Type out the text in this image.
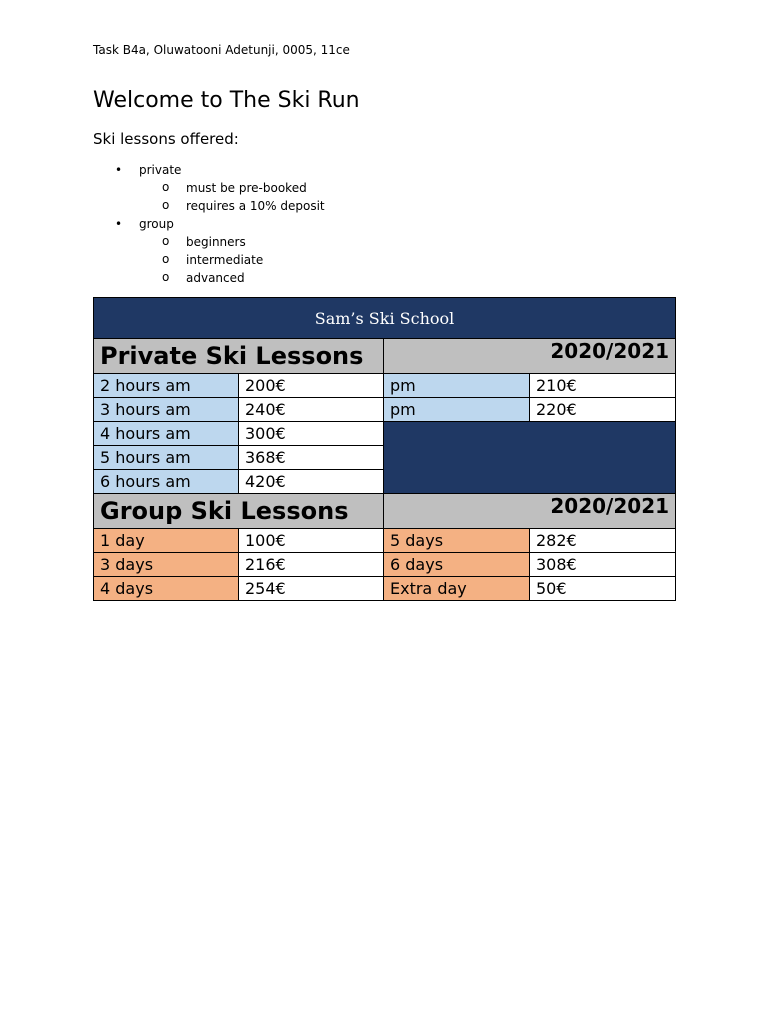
Task B4a, Oluwatooni Adetunji, 0005, 11ce
Welcome to The Ski Run
Ski lessons offered:
• private
o must be pre-booked
o requires a 10% deposit
• group
o beginners
o intermediate
o advanced
Sam’s Ski School			
Private Ski Lessons		2020/2021	
2 hours am	200€	pm	210€
3 hours am	240€	pm	220€
4 hours am	300€		
5 hours am	368€		
6 hours am	420€		
Group Ski Lessons		2020/2021	
1 day	100€	5 days	282€
3 days	216€	6 days	308€
4 days	254€	Extra day	50€
